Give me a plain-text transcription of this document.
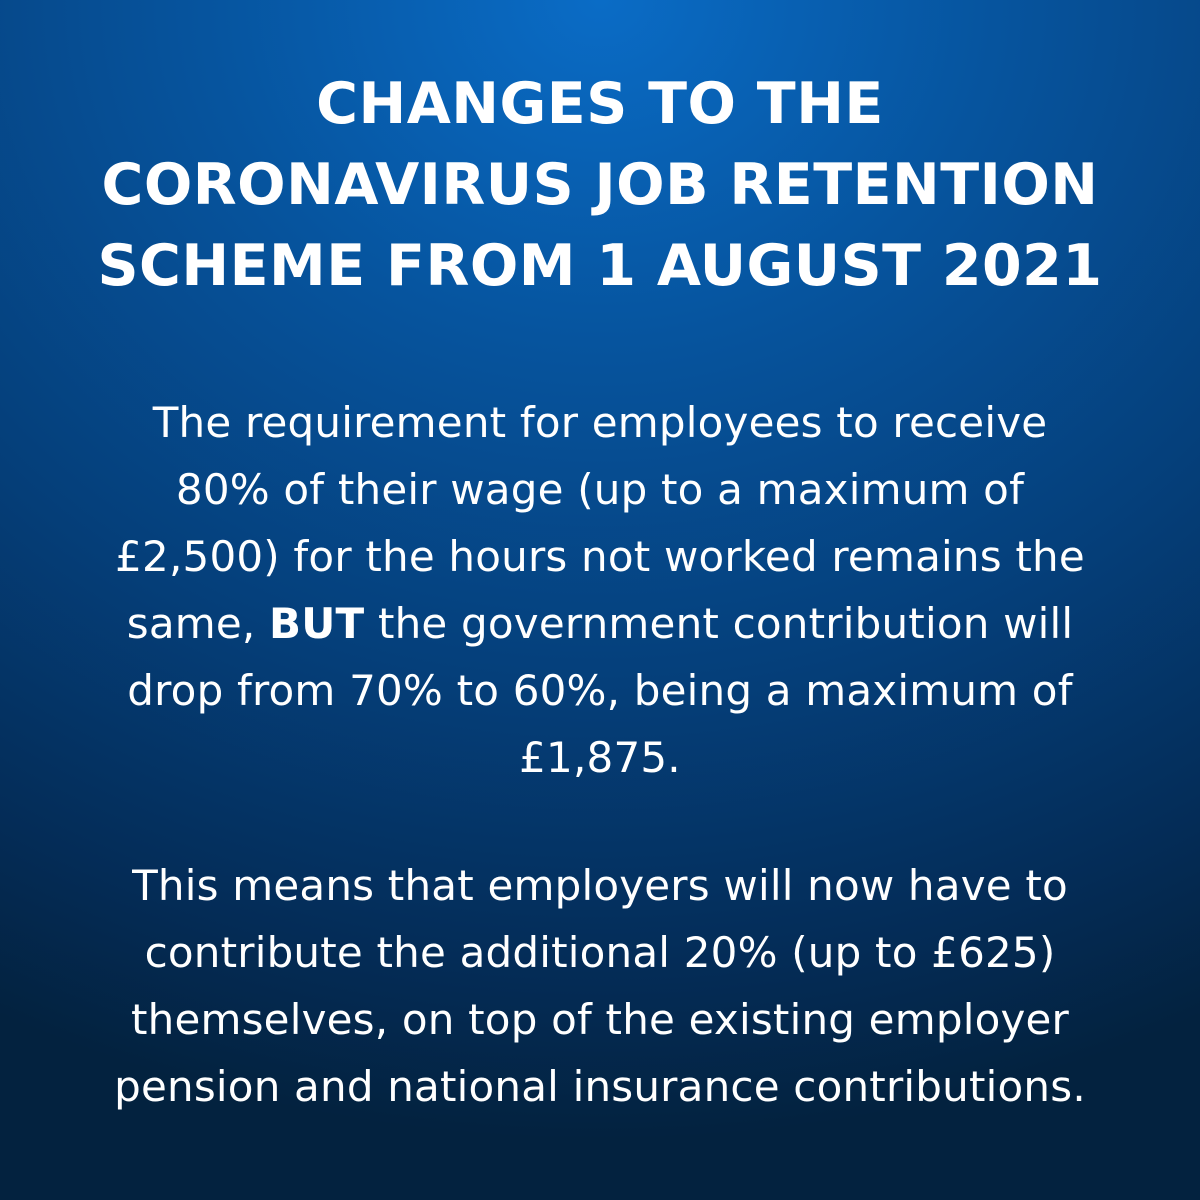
CHANGES TO THE
CORONAVIRUS JOB RETENTION
SCHEME FROM 1 AUGUST 2021

The requirement for employees to receive
80% of their wage (up to a maximum of
£2,500) for the hours not worked remains the
same, BUT the government contribution will
drop from 70% to 60%, being a maximum of
£1,875.

This means that employers will now have to
contribute the additional 20% (up to £625)
themselves, on top of the existing employer
pension and national insurance contributions.
